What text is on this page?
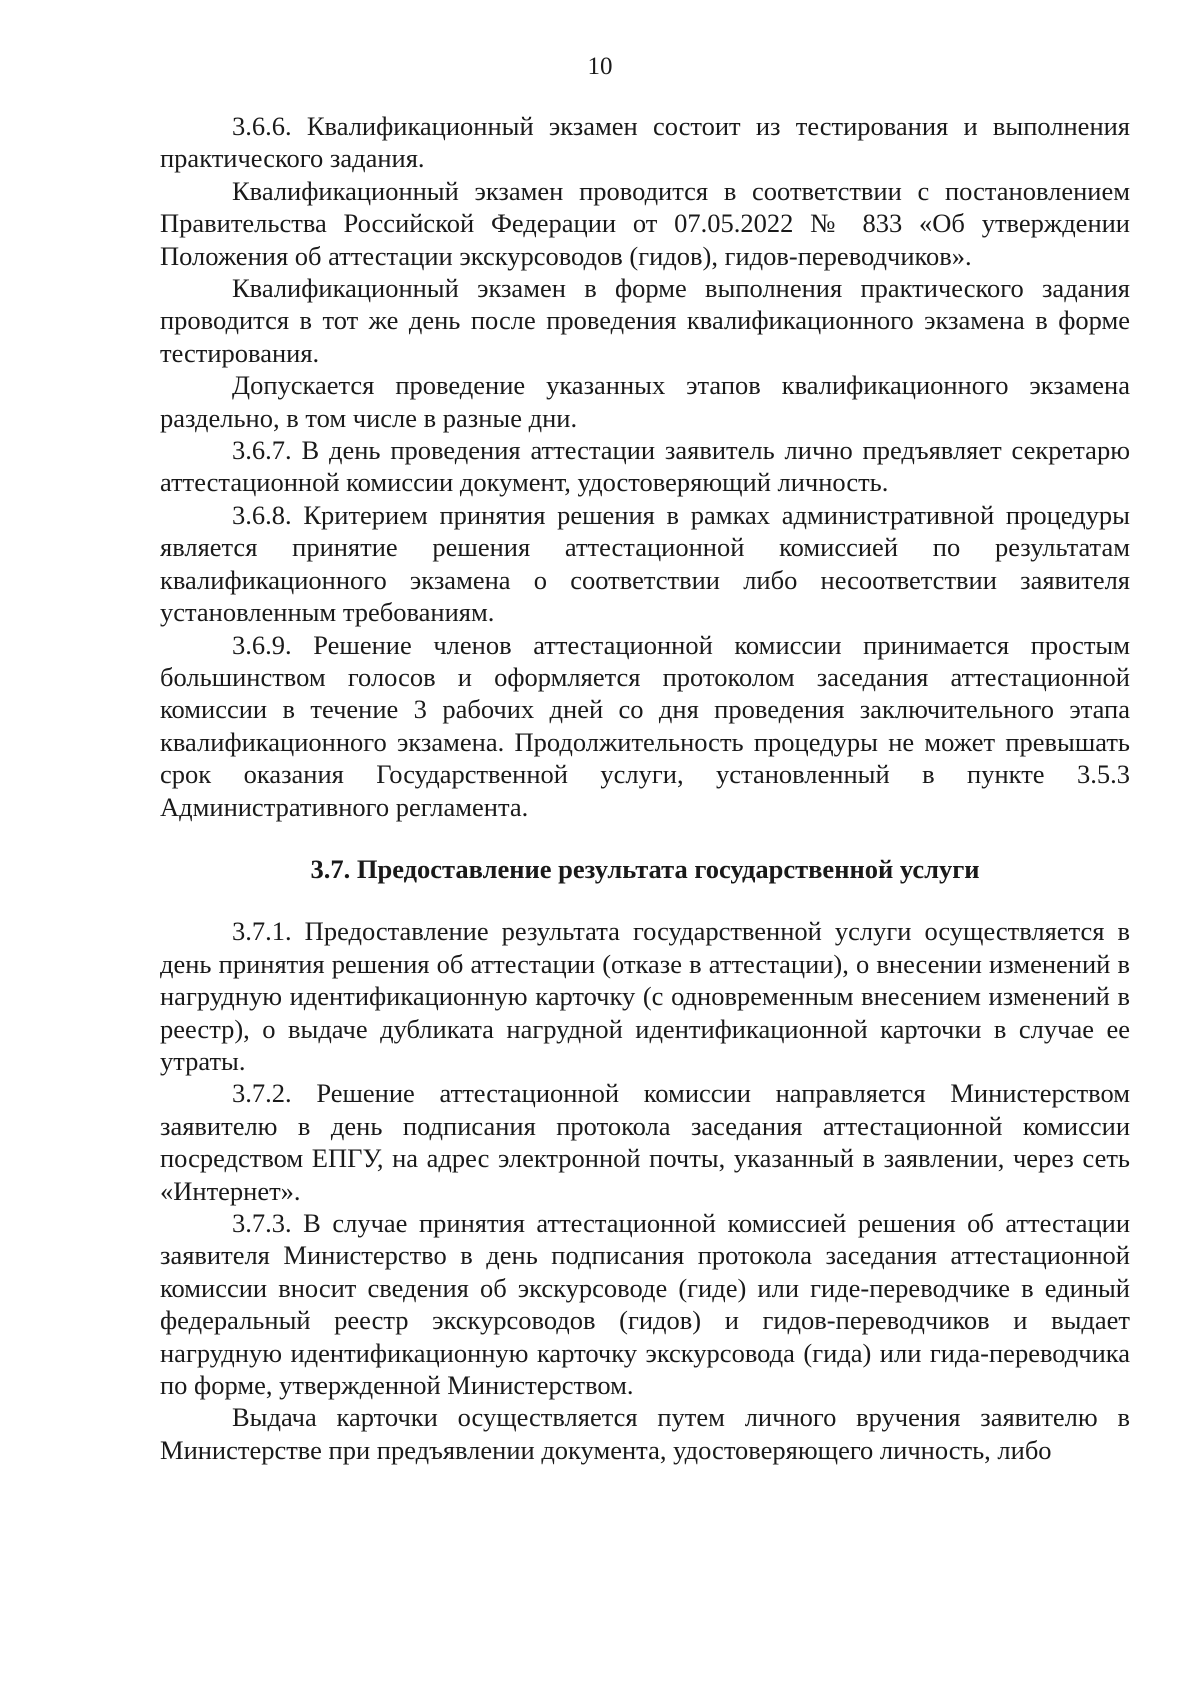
10

3.6.6. Квалификационный экзамен состоит из тестирования и выполнения практического задания.

Квалификационный экзамен проводится в соответствии с постановлением Правительства Российской Федерации от 07.05.2022 № 833 «Об утверждении Положения об аттестации экскурсоводов (гидов), гидов-переводчиков».

Квалификационный экзамен в форме выполнения практического задания проводится в тот же день после проведения квалификационного экзамена в форме тестирования.

Допускается проведение указанных этапов квалификационного экзамена раздельно, в том числе в разные дни.

3.6.7. В день проведения аттестации заявитель лично предъявляет секретарю аттестационной комиссии документ, удостоверяющий личность.

3.6.8. Критерием принятия решения в рамках административной процедуры является принятие решения аттестационной комиссией по результатам квалификационного экзамена о соответствии либо несоответствии заявителя установленным требованиям.

3.6.9. Решение членов аттестационной комиссии принимается простым большинством голосов и оформляется протоколом заседания аттестационной комиссии в течение 3 рабочих дней со дня проведения заключительного этапа квалификационного экзамена. Продолжительность процедуры не может превышать срок оказания Государственной услуги, установленный в пункте 3.5.3 Административного регламента.

3.7. Предоставление результата государственной услуги

3.7.1. Предоставление результата государственной услуги осуществляется в день принятия решения об аттестации (отказе в аттестации), о внесении изменений в нагрудную идентификационную карточку (с одновременным внесением изменений в реестр), о выдаче дубликата нагрудной идентификационной карточки в случае ее утраты.

3.7.2. Решение аттестационной комиссии направляется Министерством заявителю в день подписания протокола заседания аттестационной комиссии посредством ЕПГУ, на адрес электронной почты, указанный в заявлении, через сеть «Интернет».

3.7.3. В случае принятия аттестационной комиссией решения об аттестации заявителя Министерство в день подписания протокола заседания аттестационной комиссии вносит сведения об экскурсоводе (гиде) или гиде-переводчике в единый федеральный реестр экскурсоводов (гидов) и гидов-переводчиков и выдает нагрудную идентификационную карточку экскурсовода (гида) или гида-переводчика по форме, утвержденной Министерством.

Выдача карточки осуществляется путем личного вручения заявителю в Министерстве при предъявлении документа, удостоверяющего личность, либо
